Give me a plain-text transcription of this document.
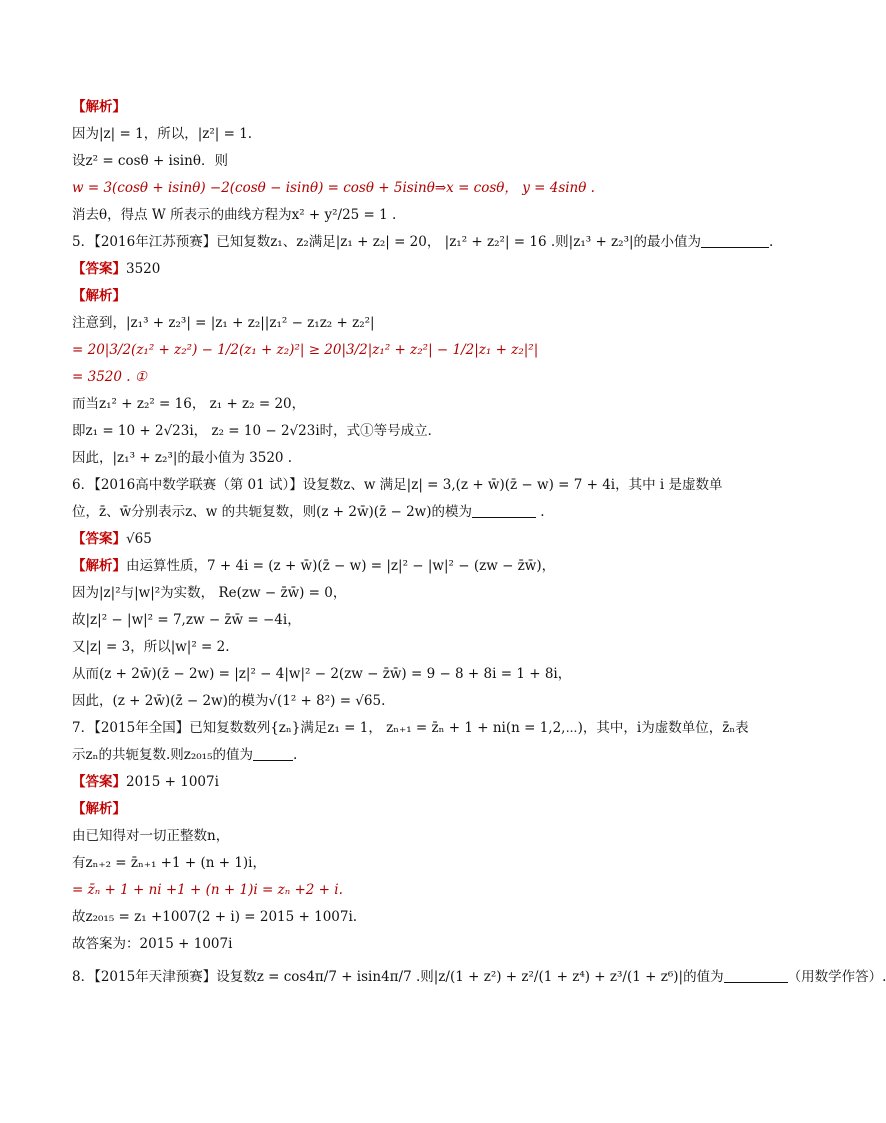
【解析】
因为|z| = 1，所以，|z²| = 1.
设z² = cosθ + isinθ．则
w = 3(cosθ + isinθ) −2(cosθ − isinθ) = cosθ + 5isinθ⇒x = cosθ， y = 4sinθ .
消去θ，得点 W 所表示的曲线方程为x² + y²/25 = 1 .
5．【2016年江苏预赛】已知复数z₁、z₂满足|z₁ + z₂| = 20， |z₁² + z₂²| = 16 .则|z₁³ + z₂³|的最小值为	.
【答案】3520
【解析】
注意到，|z₁³ + z₂³| = |z₁ + z₂||z₁² − z₁z₂ + z₂²|
= 20|3/2(z₁² + z₂²) − 1/2(z₁ + z₂)²| ≥ 20|3/2|z₁² + z₂²| − 1/2|z₁ + z₂|²|
= 3520 . ①
而当z₁² + z₂² = 16， z₁ + z₂ = 20，
即z₁ = 10 + 2√23i， z₂ = 10 − 2√23i时，式①等号成立．
因此，|z₁³ + z₂³|的最小值为 3520 .
6．【2016高中数学联赛（第 01 试）】设复数z、w 满足|z| = 3,(z + w̄)(z̄ − w) = 7 + 4i，其中 i 是虚数单
位，z̄、w̄分别表示z、w 的共轭复数，则(z + 2w̄)(z̄ − 2w)的模为	.
【答案】√65
【解析】由运算性质，7 + 4i = (z + w̄)(z̄ − w) = |z|² − |w|² − (zw − z̄w̄)，
因为|z|²与|w|²为实数， Re(zw − z̄w̄) = 0，
故|z|² − |w|² = 7,zw − z̄w̄ = −4i，
又|z| = 3，所以|w|² = 2.
从而(z + 2w̄)(z̄ − 2w) = |z|² − 4|w|² − 2(zw − z̄w̄) = 9 − 8 + 8i = 1 + 8i，
因此，(z + 2w̄)(z̄ − 2w)的模为√(1² + 8²) = √65.
7．【2015年全国】已知复数数列{zₙ}满足z₁ = 1， zₙ₊₁ = z̄ₙ + 1 + ni(n = 1,2,⋯)，其中，i为虚数单位，z̄ₙ表
示zₙ的共轭复数.则z₂₀₁₅的值为	.
【答案】2015 + 1007i
【解析】
由已知得对一切正整数n，
有zₙ₊₂ = z̄ₙ₊₁ +1 + (n + 1)i，
= z̄̄ₙ + 1 + ni +1 + (n + 1)i = zₙ +2 + i.
故z₂₀₁₅ = z₁ +1007(2 + i) = 2015 + 1007i.
故答案为：2015 + 1007i
8．【2015年天津预赛】设复数z = cos4π/7 + isin4π/7 .则|z/(1 + z²) + z²/(1 + z⁴) + z³/(1 + z⁶)|的值为	（用数学作答）.
